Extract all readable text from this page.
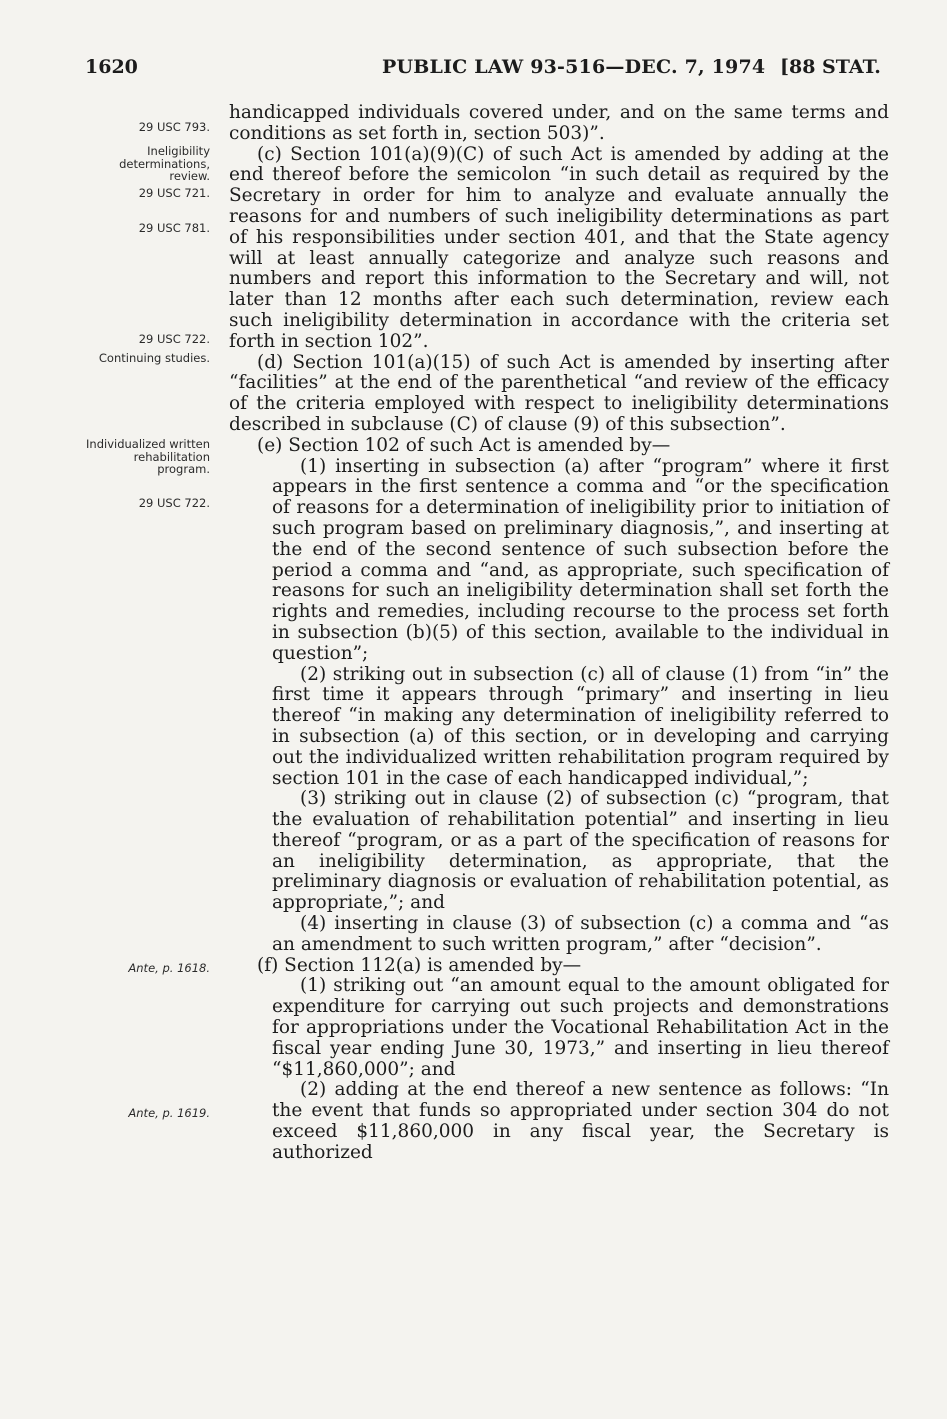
1620	PUBLIC LAW 93-516—DEC. 7, 1974 [88 STAT.
29 USC 793.
Ineligibility determinations, review.
29 USC 721.
29 USC 781.
29 USC 722.
Continuing studies.
Individualized written rehabilitation program.
29 USC 722.
Ante, p. 1618.
Ante, p. 1619.

handicapped individuals covered under, and on the same terms and conditions as set forth in, section 503)”.

(c) Section 101(a)(9)(C) of such Act is amended by adding at the end thereof before the semicolon “in such detail as required by the Secretary in order for him to analyze and evaluate annually the reasons for and numbers of such ineligibility determinations as part of his responsibilities under section 401, and that the State agency will at least annually categorize and analyze such reasons and numbers and report this information to the Secretary and will, not later than 12 months after each such determination, review each such ineligibility determination in accordance with the criteria set forth in section 102”.

(d) Section 101(a)(15) of such Act is amended by inserting after “facilities” at the end of the parenthetical “and review of the efficacy of the criteria employed with respect to ineligibility determinations described in subclause (C) of clause (9) of this subsection”.

(e) Section 102 of such Act is amended by—

(1) inserting in subsection (a) after “program” where it first appears in the first sentence a comma and “or the specification of reasons for a determination of ineligibility prior to initiation of such program based on preliminary diagnosis,”, and inserting at the end of the second sentence of such subsection before the period a comma and “and, as appropriate, such specification of reasons for such an ineligibility determination shall set forth the rights and remedies, including recourse to the process set forth in subsection (b)(5) of this section, available to the individual in question”;

(2) striking out in subsection (c) all of clause (1) from “in” the first time it appears through “primary” and inserting in lieu thereof “in making any determination of ineligibility referred to in subsection (a) of this section, or in developing and carrying out the individualized written rehabilitation program required by section 101 in the case of each handicapped individual,”;

(3) striking out in clause (2) of subsection (c) “program, that the evaluation of rehabilitation potential” and inserting in lieu thereof “program, or as a part of the specification of reasons for an ineligibility determination, as appropriate, that the preliminary diagnosis or evaluation of rehabilitation potential, as appropriate,”; and

(4) inserting in clause (3) of subsection (c) a comma and “as an amendment to such written program,” after “decision”.

(f) Section 112(a) is amended by—

(1) striking out “an amount equal to the amount obligated for expenditure for carrying out such projects and demonstrations for appropriations under the Vocational Rehabilitation Act in the fiscal year ending June 30, 1973,” and inserting in lieu thereof “$11,860,000”; and

(2) adding at the end thereof a new sentence as follows: “In the event that funds so appropriated under section 304 do not exceed $11,860,000 in any fiscal year, the Secretary is authorized
